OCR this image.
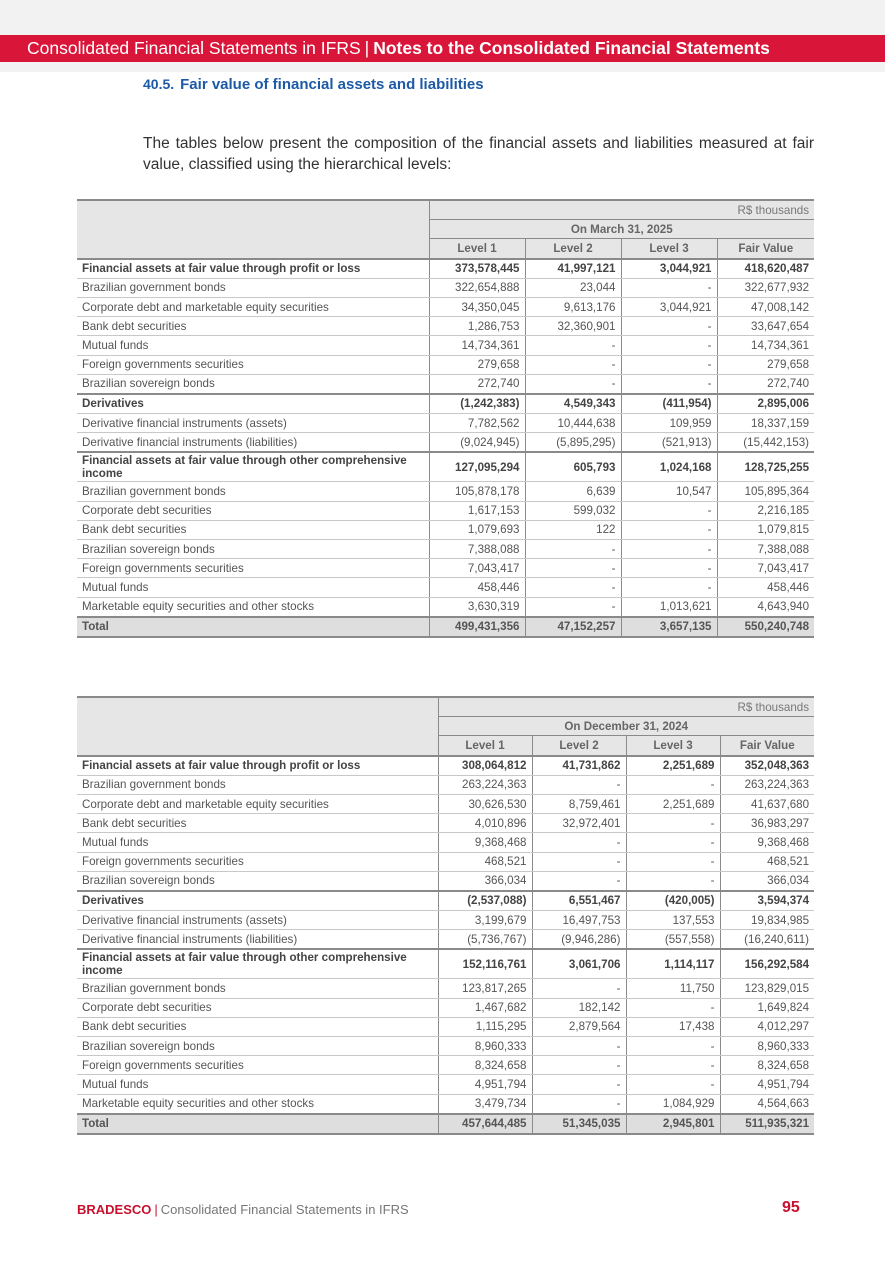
Consolidated Financial Statements in IFRS | Notes to the Consolidated Financial Statements
40.5. Fair value of financial assets and liabilities
The tables below present the composition of the financial assets and liabilities measured at fair value, classified using the hierarchical levels:
	R$ thousands			
	On March 31, 2025			
	Level 1	Level 2	Level 3	Fair Value
Financial assets at fair value through profit or loss	373,578,445	41,997,121	3,044,921	418,620,487
Brazilian government bonds	322,654,888	23,044	-	322,677,932
Corporate debt and marketable equity securities	34,350,045	9,613,176	3,044,921	47,008,142
Bank debt securities	1,286,753	32,360,901	-	33,647,654
Mutual funds	14,734,361	-	-	14,734,361
Foreign governments securities	279,658	-	-	279,658
Brazilian sovereign bonds	272,740	-	-	272,740
Derivatives	(1,242,383)	4,549,343	(411,954)	2,895,006
Derivative financial instruments (assets)	7,782,562	10,444,638	109,959	18,337,159
Derivative financial instruments (liabilities)	(9,024,945)	(5,895,295)	(521,913)	(15,442,153)
Financial assets at fair value through other comprehensive income	127,095,294	605,793	1,024,168	128,725,255
Brazilian government bonds	105,878,178	6,639	10,547	105,895,364
Corporate debt securities	1,617,153	599,032	-	2,216,185
Bank debt securities	1,079,693	122	-	1,079,815
Brazilian sovereign bonds	7,388,088	-	-	7,388,088
Foreign governments securities	7,043,417	-	-	7,043,417
Mutual funds	458,446	-	-	458,446
Marketable equity securities and other stocks	3,630,319	-	1,013,621	4,643,940
Total	499,431,356	47,152,257	3,657,135	550,240,748
	R$ thousands			
	On December 31, 2024			
	Level 1	Level 2	Level 3	Fair Value
Financial assets at fair value through profit or loss	308,064,812	41,731,862	2,251,689	352,048,363
Brazilian government bonds	263,224,363	-	-	263,224,363
Corporate debt and marketable equity securities	30,626,530	8,759,461	2,251,689	41,637,680
Bank debt securities	4,010,896	32,972,401	-	36,983,297
Mutual funds	9,368,468	-	-	9,368,468
Foreign governments securities	468,521	-	-	468,521
Brazilian sovereign bonds	366,034	-	-	366,034
Derivatives	(2,537,088)	6,551,467	(420,005)	3,594,374
Derivative financial instruments (assets)	3,199,679	16,497,753	137,553	19,834,985
Derivative financial instruments (liabilities)	(5,736,767)	(9,946,286)	(557,558)	(16,240,611)
Financial assets at fair value through other comprehensive income	152,116,761	3,061,706	1,114,117	156,292,584
Brazilian government bonds	123,817,265	-	11,750	123,829,015
Corporate debt securities	1,467,682	182,142	-	1,649,824
Bank debt securities	1,115,295	2,879,564	17,438	4,012,297
Brazilian sovereign bonds	8,960,333	-	-	8,960,333
Foreign governments securities	8,324,658	-	-	8,324,658
Mutual funds	4,951,794	-	-	4,951,794
Marketable equity securities and other stocks	3,479,734	-	1,084,929	4,564,663
Total	457,644,485	51,345,035	2,945,801	511,935,321
BRADESCO | Consolidated Financial Statements in IFRS	95
